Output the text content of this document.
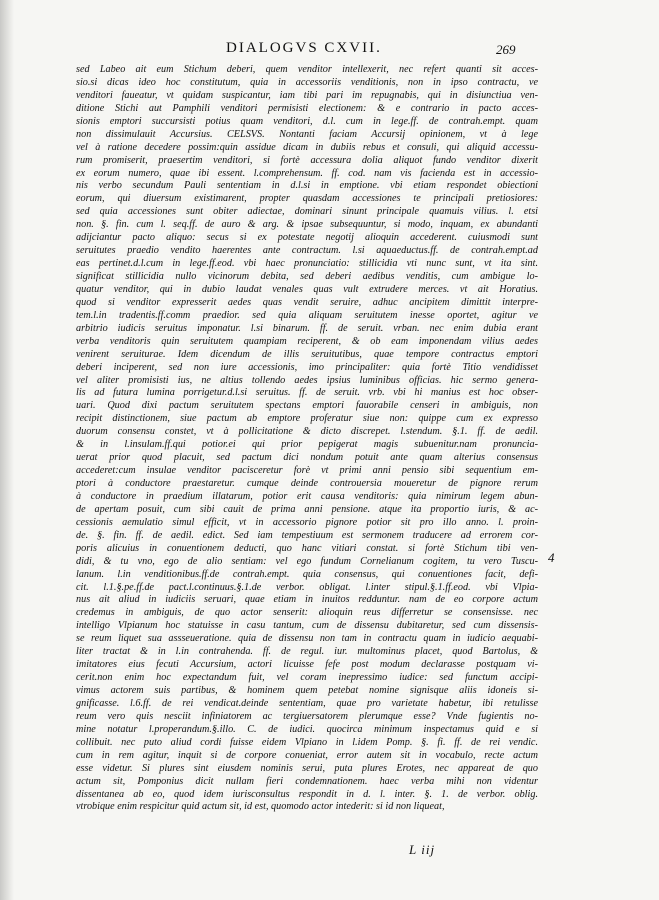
DIALOGVS CXVII.	269
sed Labeo ait eum Stichum deberi, quem venditor intellexerit, nec refert quanti sit acces-
sio.si dicas ideo hoc constitutum, quia in accessoriis venditionis, non in ipso contractu, ve
venditori faueatur, vt quidam suspicantur, iam tibi pari im repugnabis, qui in disiunctiua ven-
ditione Stichi aut Pamphili venditori permisisti electionem: & e contrario in pacto acces-
sionis emptori succursisti potius quam venditori, d.l. cum in lege.ff. de contrah.empt. quam
non dissimulauit Accursius. CELSVS. Nontanti faciam Accursij opinionem, vt à lege
vel à ratione decedere possim:quin assidue dicam in dubiis rebus et consuli, qui aliquid accessu-
rum promiserit, praesertim venditori, si fortè accessura dolia aliquot fundo venditor dixerit
ex eorum numero, quae ibi essent. l.comprehensum. ff. cod. nam vis facienda est in accessio-
nis verbo secundum Pauli sententiam in d.l.si in emptione. vbi etiam respondet obiectioni
eorum, qui diuersum existimarent, propter quasdam accessiones te principali pretiosiores:
sed quia accessiones sunt obiter adiectae, dominari sinunt principale quamuis vilius. l. etsi
non. §. fin. cum l. seq.ff. de auro & arg. & ipsae subsequuntur, si modo, inquam, ex abundanti
adijciantur pacto aliquo: secus si ex potestate negotij alioquin accederent. cuiusmodi sunt
seruitutes praedio vendito haerentes ante contractum. l.si aquaeductus.ff. de contrah.empt.ad
eas pertinet.d.l.cum in lege.ff.eod. vbi haec pronunciatio: stillicidia vti nunc sunt, vt ita sint.
significat stillicidia nullo vicinorum debita, sed deberi aedibus venditis, cum ambigue lo-
quatur venditor, qui in dubio laudat venales quas vult extrudere merces. vt ait Horatius.
quod si venditor expresserit aedes quas vendit seruire, adhuc ancipitem dimittit interpre-
tem.l.in tradentis.ff.comm praedior. sed quia aliquam seruitutem inesse oportet, agitur ve
arbitrio iudicis seruitus imponatur. l.si binarum. ff. de seruit. vrban. nec enim dubia erant
verba venditoris quin seruitutem quampiam reciperent, & ob eam imponendam vilius aedes
venirent seruiturae. Idem dicendum de illis seruitutibus, quae tempore contractus emptori
deberi inciperent, sed non iure accessionis, imo principaliter: quia fortè Titio vendidisset
vel aliter promisisti ius, ne altius tollendo aedes ipsius luminibus officias. hic sermo genera-
lis ad futura lumina porrigetur.d.l.si seruitus. ff. de seruit. vrb. vbi hi manius est hoc obser-
uari. Quod dixi pactum seruitutem spectans emptori fauorabile censeri in ambiguis, non
recipit distinctionem, siue pactum ab emptore proferatur siue non: quippe cum ex expresso
duorum consensu constet, vt à pollicitatione & dicto discrepet. l.stendum. §.1. ff. de aedil.
& in l.insulam.ff.qui potior.ei qui prior pepigerat magis subuenitur.nam pronuncia-
uerat prior quod placuit, sed pactum dici nondum potuit ante quam alterius consensus
accederet:cum insulae venditor pacisceretur forè vt primi anni pensio sibi sequentium em-
ptori à conductore praestaretur. cumque deinde controuersia moueretur de pignore rerum
à conductore in praedium illatarum, potior erit causa venditoris: quia nimirum legem abun-
de apertam posuit, cum sibi cauit de prima anni pensione. atque ita proportio iuris, & ac-
cessionis aemulatio simul efficit, vt in accessorio pignore potior sit pro illo anno. l. proin-
de. §. fin. ff. de aedil. edict. Sed iam tempestiuum est sermonem traducere ad errorem cor-
poris alicuius in conuentionem deducti, quo hanc vitiari constat. si fortè Stichum tibi ven-
didi, & tu vno, ego de alio sentiam: vel ego fundum Cornelianum cogitem, tu vero Tuscu-
lanum. l.in venditionibus.ff.de contrah.empt. quia consensus, qui conuentiones facit, defi-
cit. l.1.§.pe.ff.de pact.l.continuus.§.1.de verbor. obligat. l.inter stipul.§.1.ff.eod. vbi Vlpia-
nus ait aliud in iudiciis seruari, quae etiam in inuitos redduntur. nam de eo corpore actum
credemus in ambiguis, de quo actor senserit: alioquin reus differretur se consensisse. nec
intelligo Vlpianum hoc statuisse in casu tantum, cum de dissensu dubitaretur, sed cum dissensis-
se reum liquet sua assseueratione. quia de dissensu non tam in contractu quam in iudicio aequabi-
liter tractat & in l.in contrahenda. ff. de regul. iur. multominus placet, quod Bartolus, &
imitatores eius fecuti Accursium, actori licuisse fefe post modum declarasse postquam vi-
cerit.non enim hoc expectandum fuit, vel coram inepressimo iudice: sed functum accipi-
vimus actorem suis partibus, & hominem quem petebat nomine signisque aliis idoneis si-
gnificasse. l.6.ff. de rei vendicat.deinde sententiam, quae pro varietate habetur, ibi retulisse
reum vero quis nesciit infiniatorem ac tergiuersatorem plerumque esse? Vnde fugientis no-
mine notatur l.properandum.§.illo. C. de iudici. quocirca minimum inspectamus quid e si
collibuit. nec puto aliud cordi fuisse eidem Vlpiano in l.idem Pomp. §. fi. ff. de rei vendic.
cum in rem agitur, inquit si de corpore conueniat, error autem sit in vocabulo, recte actum
esse videtur. Si plures sint eiusdem nominis serui, puta plures Erotes, nec appareat de quo
actum sit, Pomponius dicit nullam fieri condemnationem. haec verba mihi non videntur
dissentanea ab eo, quod idem iurisconsultus respondit in d. l. inter. §. 1. de verbor. oblig.
vtrobique enim respicitur quid actum sit, id est, quomodo actor intederit: si id non liqueat,
4
L iij
